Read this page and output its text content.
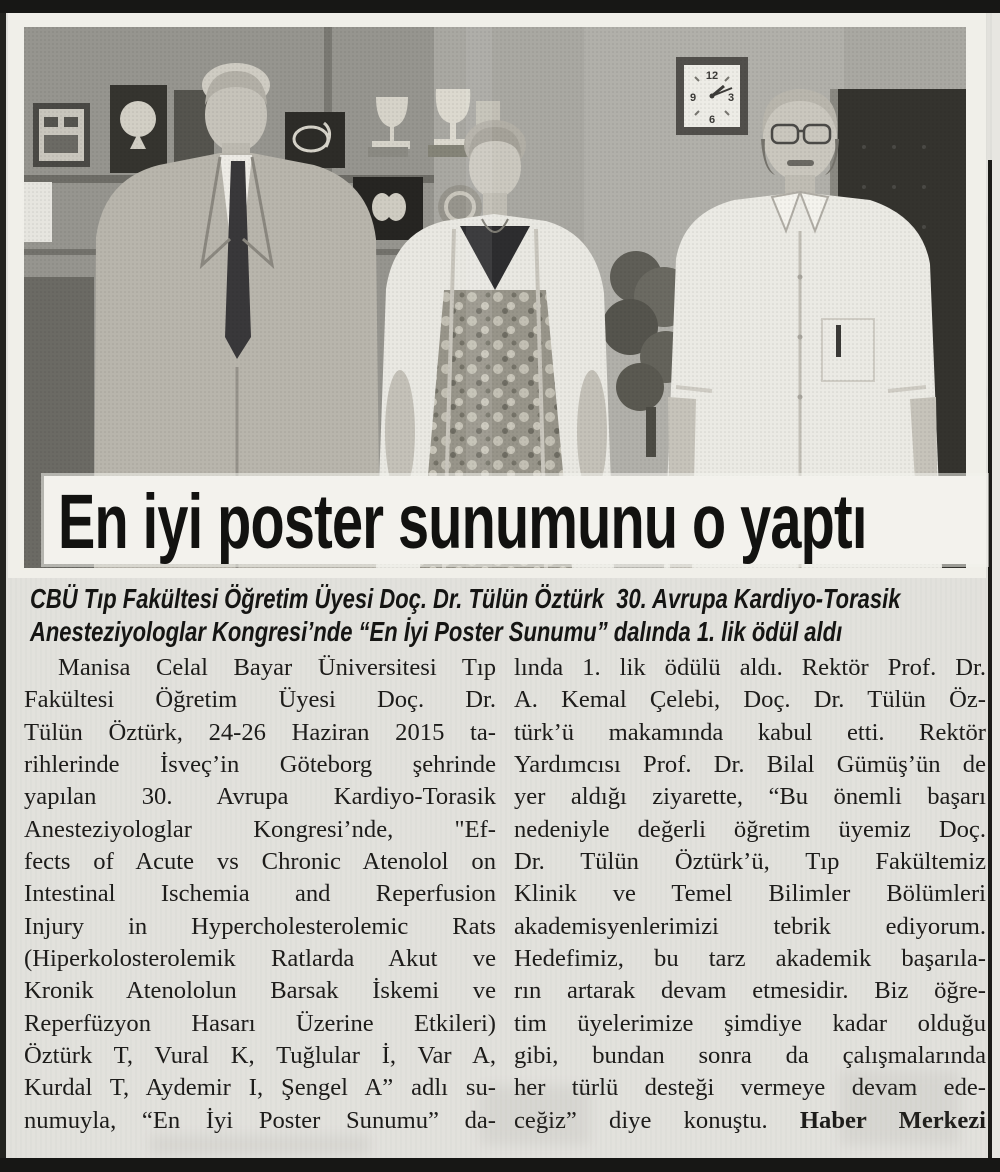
En iyi poster sunumunu o yaptı
CBÜ Tıp Fakültesi Öğretim Üyesi Doç. Dr. Tülün Öztürk  30. Avrupa Kardiyo-Torasik
Anesteziyologlar Kongresi’nde “En İyi Poster Sunumu” dalında 1. lik ödül aldı
Manisa Celal Bayar Üniversitesi Tıp
Fakültesi Öğretim Üyesi Doç. Dr.
Tülün Öztürk, 24-26 Haziran 2015 ta-
rihlerinde İsveç’in Göteborg şehrinde
yapılan 30. Avrupa Kardiyo-Torasik
Anesteziyologlar Kongresi’nde, "Ef-
fects of Acute vs Chronic Atenolol on
Intestinal Ischemia and Reperfusion
Injury in Hypercholesterolemic Rats
(Hiperkolosterolemik Ratlarda Akut ve
Kronik Atenololun Barsak İskemi ve
Reperfüzyon Hasarı Üzerine Etkileri)
Öztürk T, Vural K, Tuğlular İ, Var A,
Kurdal T, Aydemir I, Şengel A” adlı su-
numuyla, “En İyi Poster Sunumu” da-
lında 1. lik ödülü aldı. Rektör Prof. Dr.
A. Kemal Çelebi, Doç. Dr. Tülün Öz-
türk’ü makamında kabul etti. Rektör
Yardımcısı Prof. Dr. Bilal Gümüş’ün de
yer aldığı ziyarette, “Bu önemli başarı
nedeniyle değerli öğretim üyemiz Doç.
Dr. Tülün Öztürk’ü, Tıp Fakültemiz
Klinik ve Temel Bilimler Bölümleri
akademisyenlerimizi tebrik ediyorum.
Hedefimiz, bu tarz akademik başarıla-
rın artarak devam etmesidir. Biz öğre-
tim üyelerimize şimdiye kadar olduğu
gibi, bundan sonra da çalışmalarında
her türlü desteği vermeye devam ede-
ceğiz” diye konuştu. Haber Merkezi
